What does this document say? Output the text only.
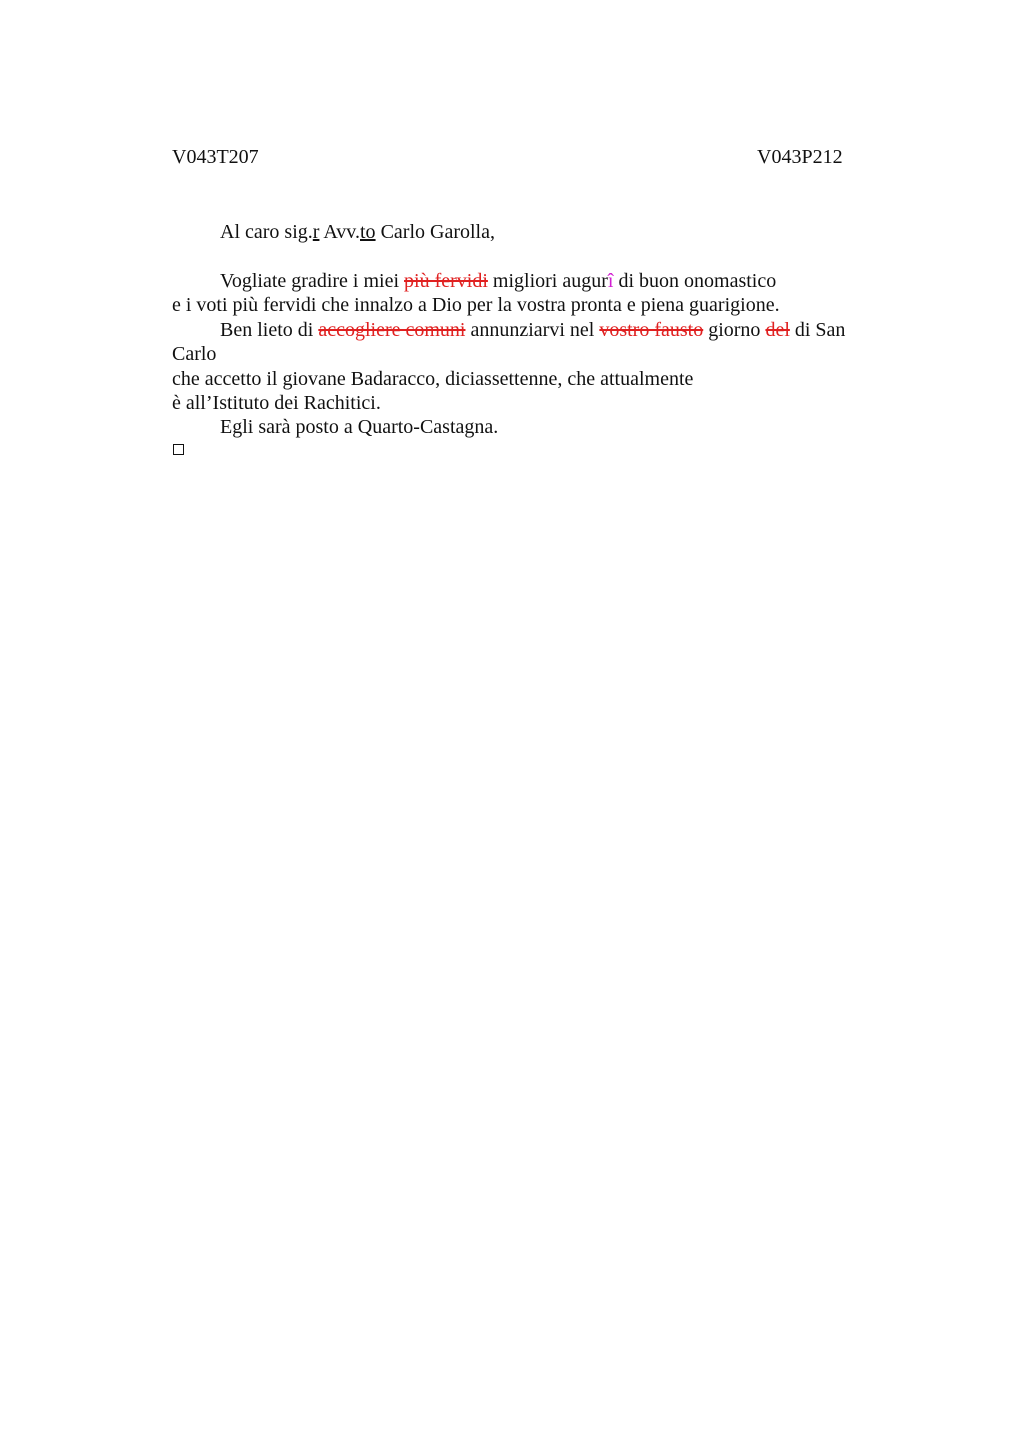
V043T207	V043P212
Al caro sig.r Avv.to Carlo Garolla,
Vogliate gradire i miei più fervidi migliori augurî di buon onomastico
e i voti più fervidi che innalzo a Dio per la vostra pronta e piena guarigione.
Ben lieto di accogliere comuni annunziarvi nel vostro fausto giorno del di San
Carlo
che accetto il giovane Badaracco, diciassettenne, che attualmente
è all’Istituto dei Rachitici.
Egli sarà posto a Quarto-Castagna.
